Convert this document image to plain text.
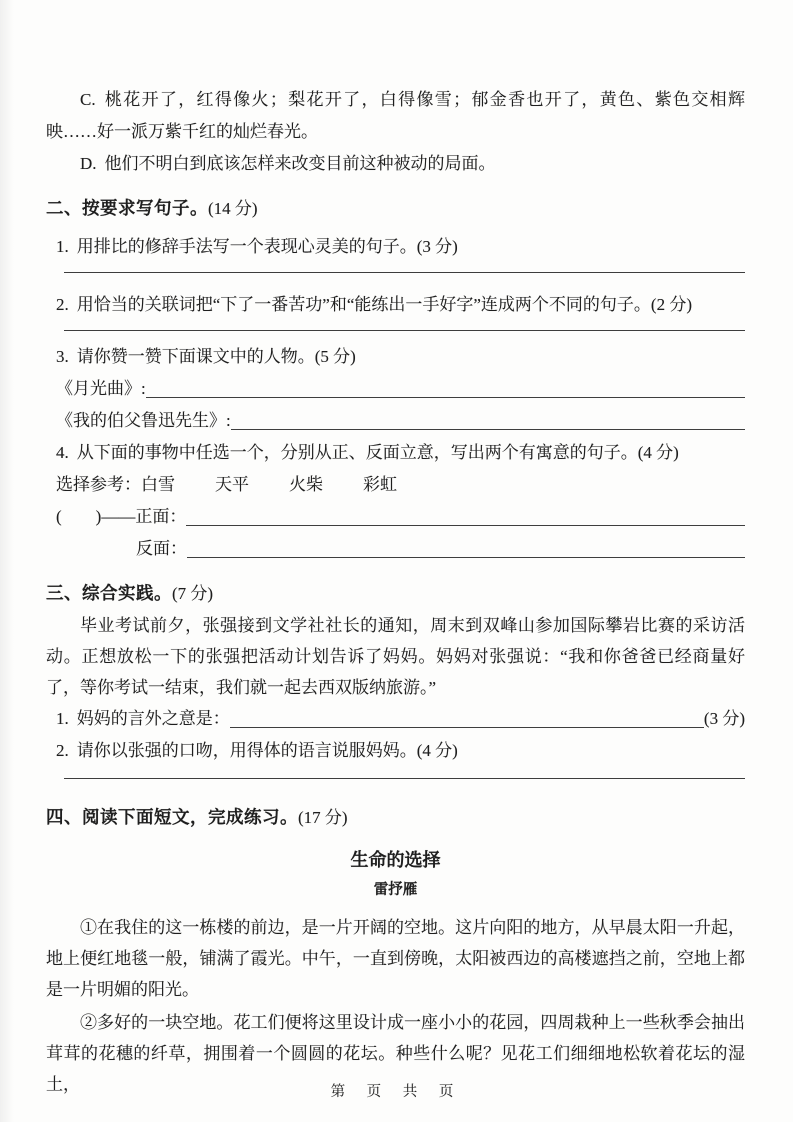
C. 桃花开了，红得像火；梨花开了，白得像雪；郁金香也开了，黄色、紫色交相辉映……好一派万紫千红的灿烂春光。

D. 他们不明白到底该怎样来改变目前这种被动的局面。

二、按要求写句子。(14 分)

1. 用排比的修辞手法写一个表现心灵美的句子。(3 分)

2. 用恰当的关联词把“下了一番苦功”和“能练出一手好字”连成两个不同的句子。(2 分)

3. 请你赞一赞下面课文中的人物。(5 分)

《月光曲》:
《我的伯父鲁迅先生》:

4. 从下面的事物中任选一个，分别从正、反面立意，写出两个有寓意的句子。(4 分)

选择参考：白雪 天平 火柴 彩虹

(　　) —— 正面：
反面：
三、综合实践。(7 分)

毕业考试前夕，张强接到文学社社长的通知，周末到双峰山参加国际攀岩比赛的采访活动。正想放松一下的张强把活动计划告诉了妈妈。妈妈对张强说：“我和你爸爸已经商量好了，等你考试一结束，我们就一起去西双版纳旅游。”

1. 妈妈的言外之意是：	(3 分)

2. 请你以张强的口吻，用得体的语言说服妈妈。(4 分)

四、阅读下面短文，完成练习。(17 分)
生命的选择
雷抒雁

①在我住的这一栋楼的前边，是一片开阔的空地。这片向阳的地方，从早晨太阳一升起，地上便红地毯一般，铺满了霞光。中午，一直到傍晚，太阳被西边的高楼遮挡之前，空地上都是一片明媚的阳光。

②多好的一块空地。花工们便将这里设计成一座小小的花园，四周栽种上一些秋季会抽出茸茸的花穗的纤草，拥围着一个圆圆的花坛。种些什么呢？见花工们细细地松软着花坛的湿土，	第 页 共 页
